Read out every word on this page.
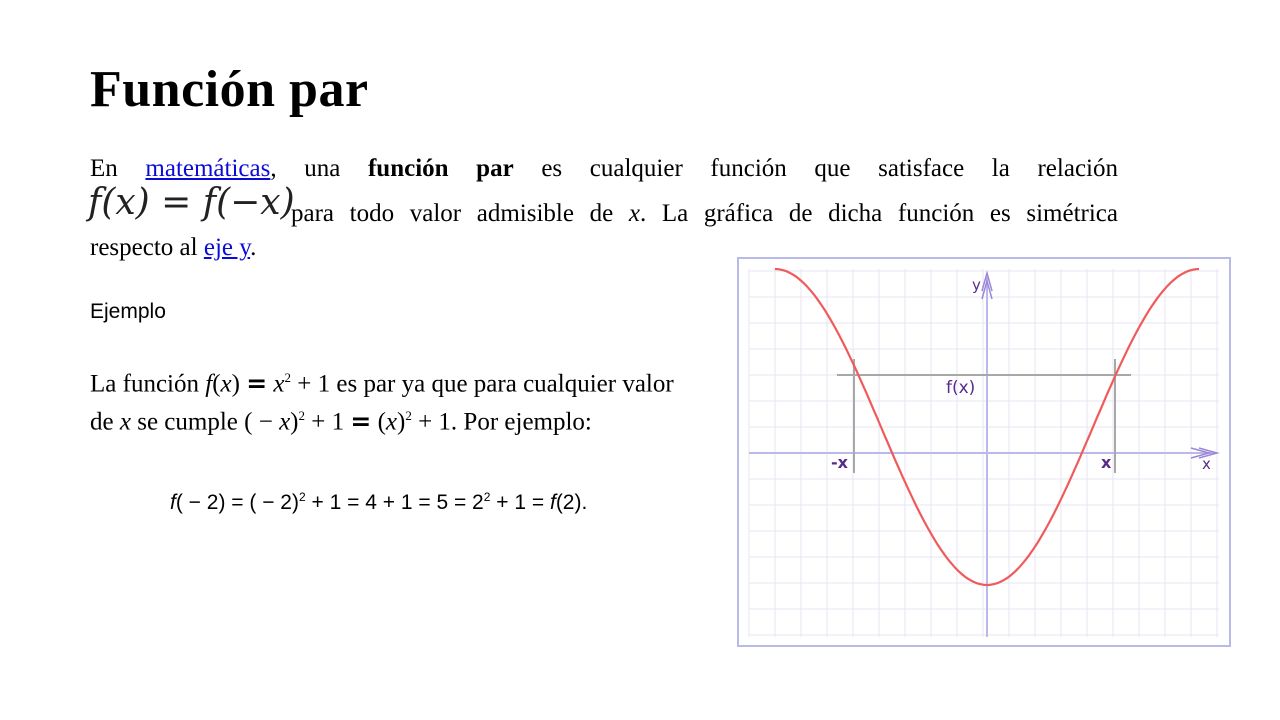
Función par
En matemáticas, una función par es cualquier función que satisface la relación
f(x) = f(−x)
para todo valor admisible de x. La gráfica de dicha función es simétrica
respecto al eje y.
Ejemplo
La función $f(x) = x^2 + 1$ es par ya que para cualquier valor de x se cumple ( − $x)^2 + 1 = (x)^2 + 1$. Por ejemplo:
f( − 2) = ( − $2)^2 + 1 = 4 + 1 = 5 = 2^2 + 1 = f(2)$.
y
x
f(x)
-x	x
